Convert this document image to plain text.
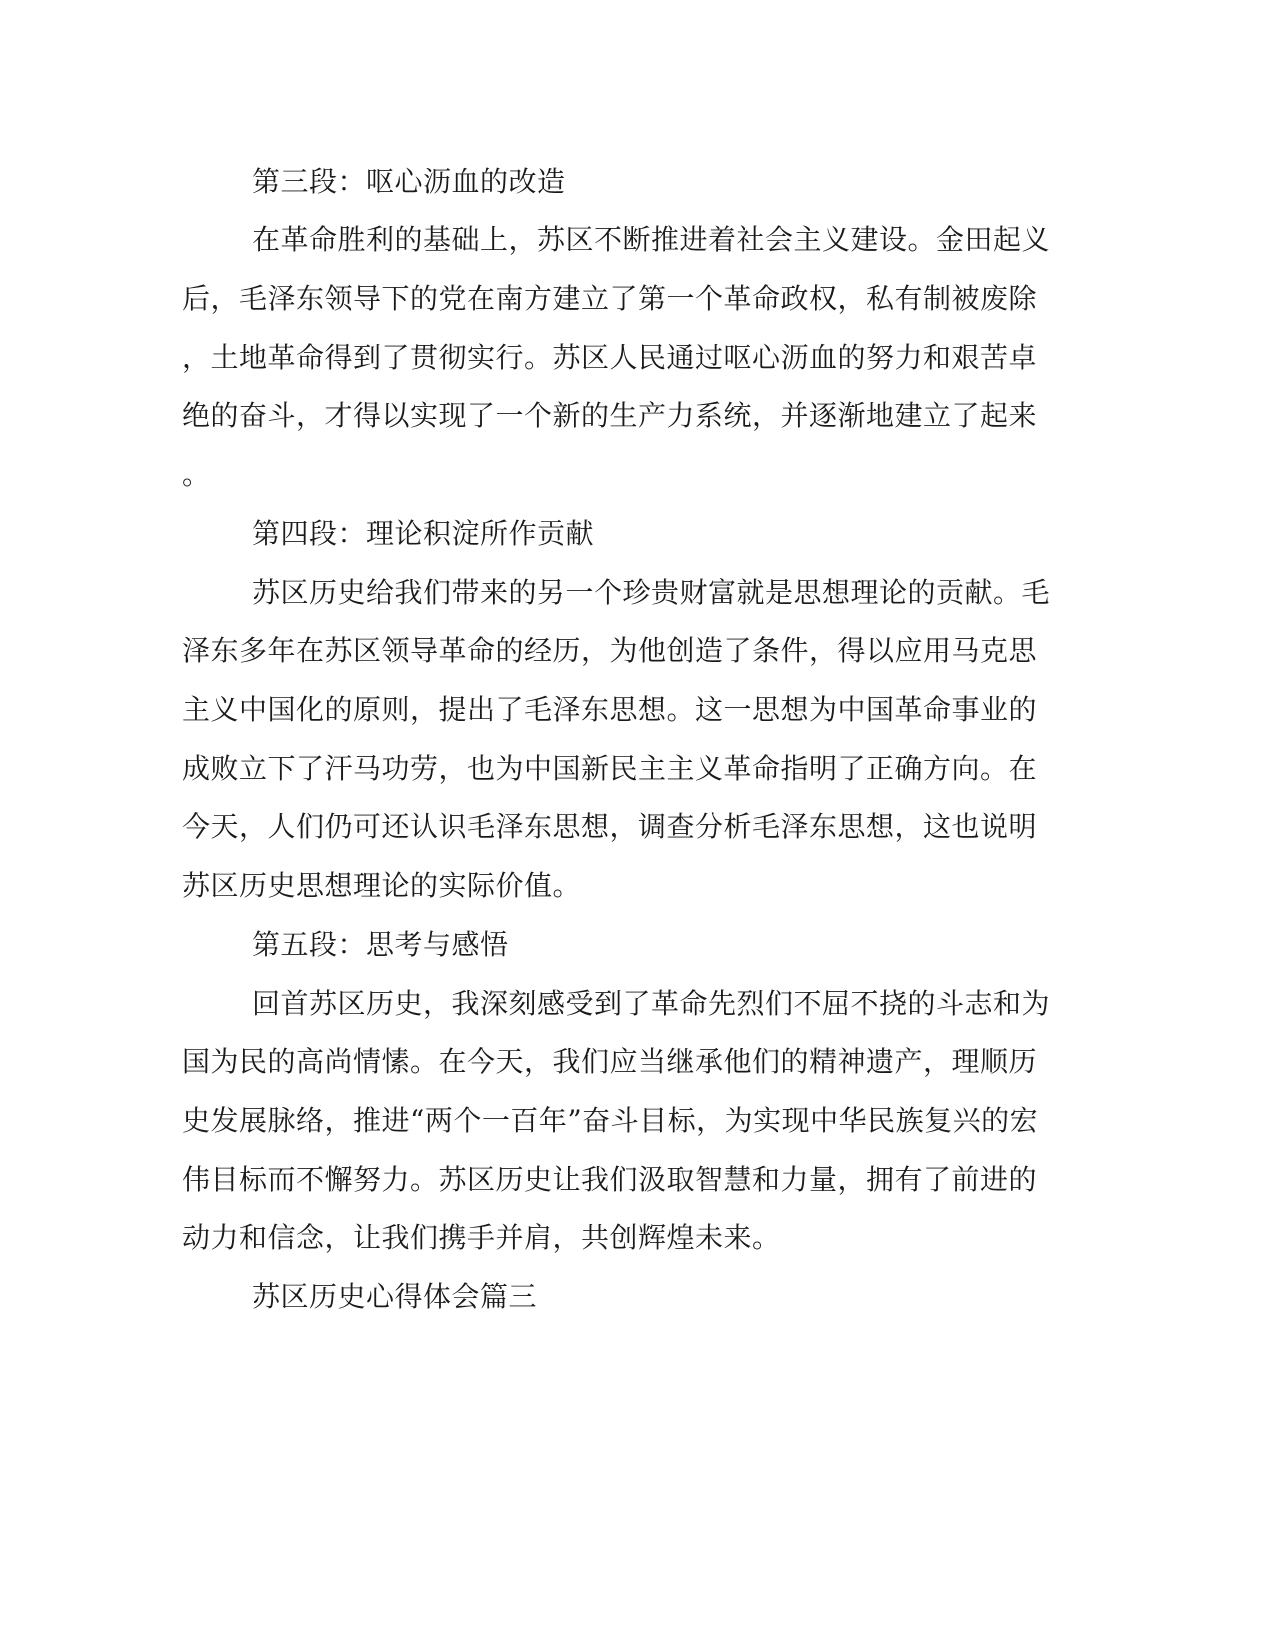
第三段：呕心沥血的改造

在革命胜利的基础上，苏区不断推进着社会主义建设。金田起义

后，毛泽东领导下的党在南方建立了第一个革命政权，私有制被废除

，土地革命得到了贯彻实行。苏区人民通过呕心沥血的努力和艰苦卓

绝的奋斗，才得以实现了一个新的生产力系统，并逐渐地建立了起来

。

第四段：理论积淀所作贡献

苏区历史给我们带来的另一个珍贵财富就是思想理论的贡献。毛

泽东多年在苏区领导革命的经历，为他创造了条件，得以应用马克思

主义中国化的原则，提出了毛泽东思想。这一思想为中国革命事业的

成败立下了汗马功劳，也为中国新民主主义革命指明了正确方向。在

今天，人们仍可还认识毛泽东思想，调查分析毛泽东思想，这也说明

苏区历史思想理论的实际价值。

第五段：思考与感悟

回首苏区历史，我深刻感受到了革命先烈们不屈不挠的斗志和为

国为民的高尚情愫。在今天，我们应当继承他们的精神遗产，理顺历

史发展脉络，推进“两个一百年”奋斗目标，为实现中华民族复兴的宏

伟目标而不懈努力。苏区历史让我们汲取智慧和力量，拥有了前进的

动力和信念，让我们携手并肩，共创辉煌未来。

苏区历史心得体会篇三
